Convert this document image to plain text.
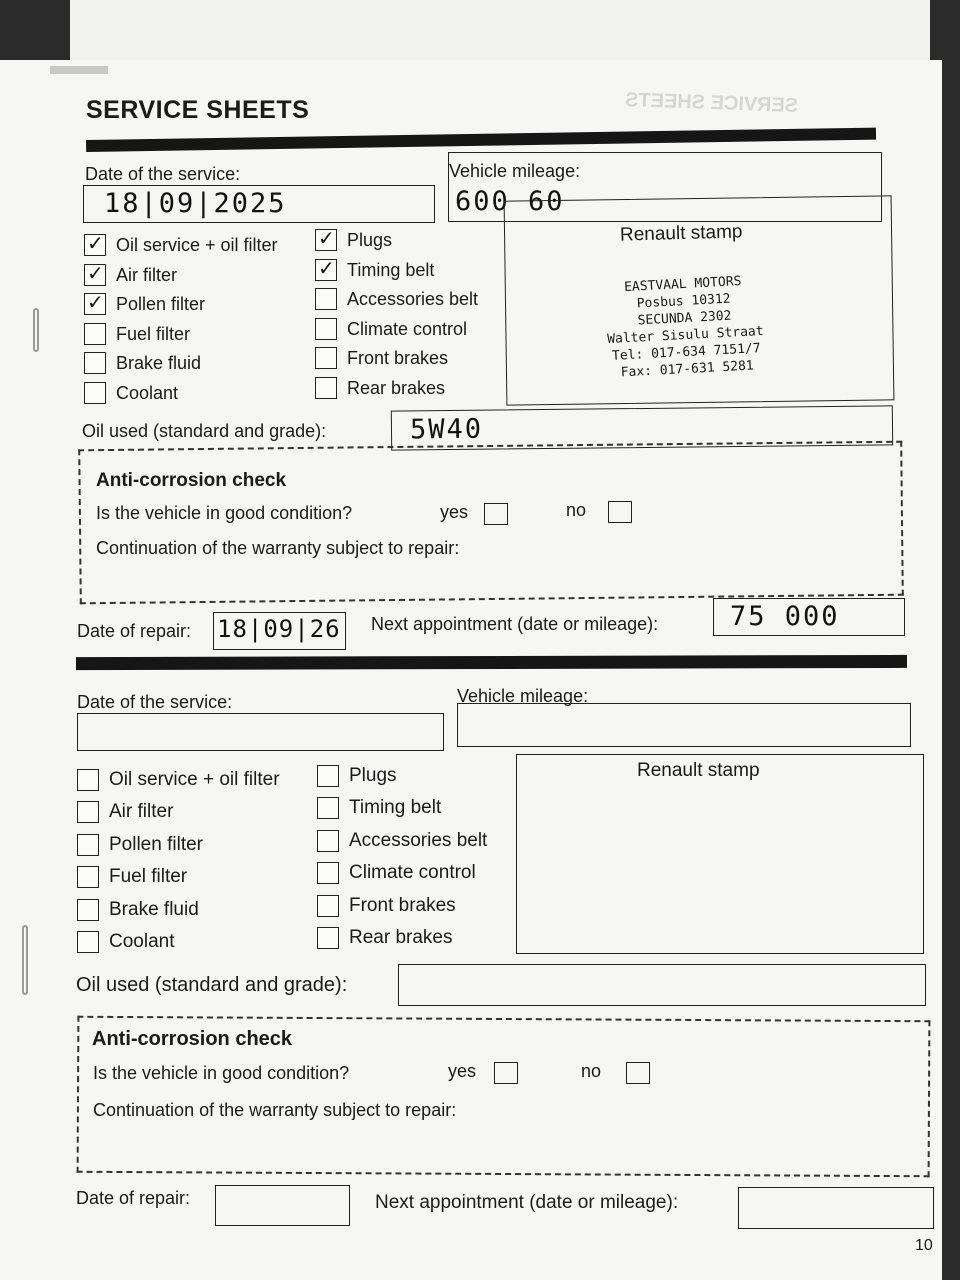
SERVICE SHEETS	SERVICE SHEETS
Date of the service:	Vehicle mileage:
18|09|2025	600 60
✓
Oil service + oil filter
✓
Air filter
✓
Pollen filter
Fuel filter
Brake fluid
Coolant
✓
Plugs
✓
Timing belt
Accessories belt
Climate control
Front brakes
Rear brakes
Renault stamp
EASTVAAL MOTORS
Posbus 10312
SECUNDA 2302
Walter Sisulu Straat
Tel: 017-634 7151/7
Fax: 017-631 5281
Oil used (standard and grade):	5W40
Anti-corrosion check
Is the vehicle in good condition?	yes	no
Continuation of the warranty subject to repair:
Date of repair: 18|09|26 Next appointment (date or mileage):	75 000
Date of the service:	Vehicle mileage:
Oil service + oil filter
Air filter
Pollen filter
Fuel filter
Brake fluid
Coolant
Plugs
Timing belt
Accessories belt
Climate control
Front brakes
Rear brakes
Renault stamp
Oil used (standard and grade):
Anti-corrosion check
Is the vehicle in good condition?	yes	no
Continuation of the warranty subject to repair:
Date of repair:	Next appointment (date or mileage):
10
